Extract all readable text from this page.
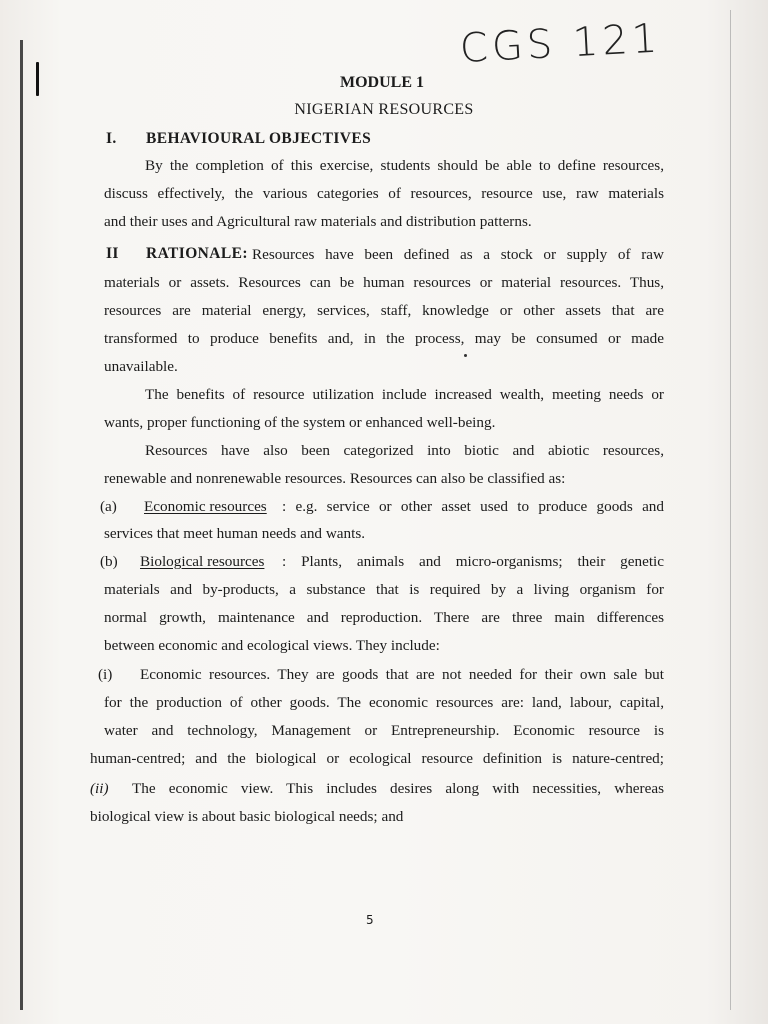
CGS 121

MODULE 1

NIGERIAN RESOURCES

I. BEHAVIOURAL OBJECTIVES

By the completion of this exercise, students should be able to define resources,

discuss effectively, the various categories of resources, resource use, raw materials

and their uses and Agricultural raw materials and distribution patterns.

II RATIONALE: Resources have been defined as a stock or supply of raw

materials or assets. Resources can be human resources or material resources. Thus,

resources are material energy, services, staff, knowledge or other assets that are

transformed to produce benefits and, in the process, may be consumed or made

unavailable.

The benefits of resource utilization include increased wealth, meeting needs or

wants, proper functioning of the system or enhanced well-being.

Resources have also been categorized into biotic and abiotic resources,

renewable and nonrenewable resources. Resources can also be classified as:

(a) Economic resources : e.g. service or other asset used to produce goods and

services that meet human needs and wants.

(b) Biological resources : Plants, animals and micro-organisms; their genetic

materials and by-products, a substance that is required by a living organism for

normal growth, maintenance and reproduction. There are three main differences

between economic and ecological views. They include:

(i) Economic resources. They are goods that are not needed for their own sale but

for the production of other goods. The economic resources are: land, labour, capital,

water and technology, Management or Entrepreneurship. Economic resource is

human-centred; and the biological or ecological resource definition is nature-centred;

(ii) The economic view. This includes desires along with necessities, whereas

biological view is about basic biological needs; and

5
